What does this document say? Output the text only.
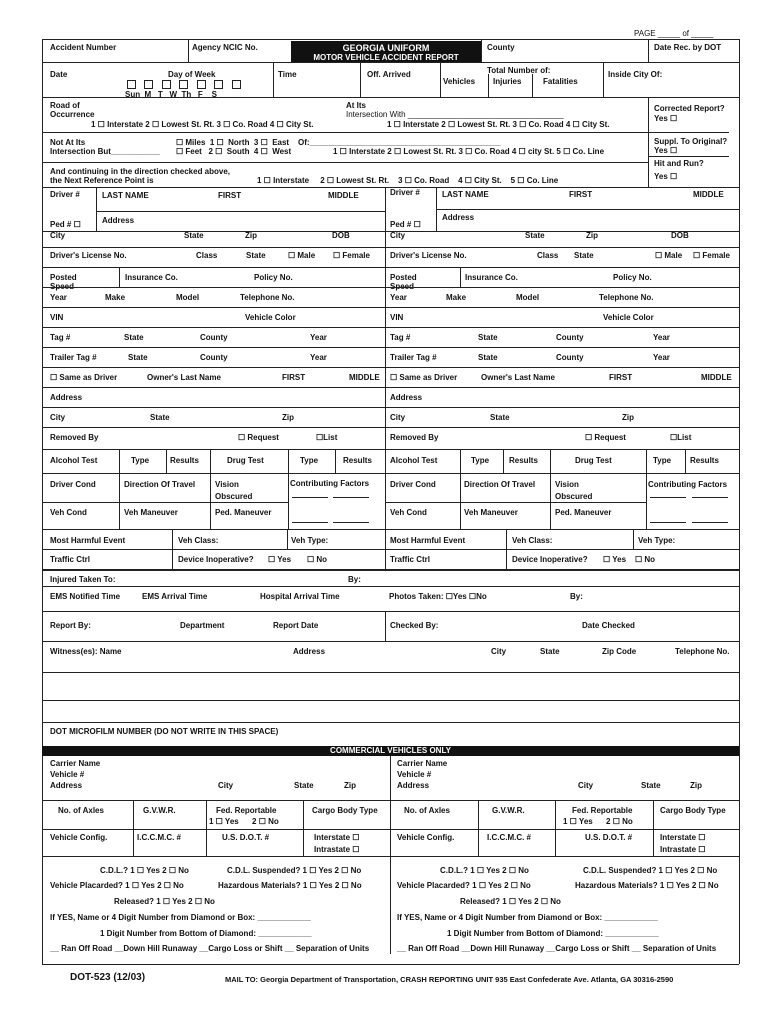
PAGE _____ of _____
GEORGIA UNIFORM
MOTOR VEHICLE ACCIDENT REPORT
Accident Number	Agency NCIC No.	County	Date Rec. by DOT
Date	Day of Week

Sun  M   T   W  Th   F    S
Time	Off. Arrived	Total Number of:
Vehicles Injuries	Fatalities
Inside City Of:
Road of
Occurrence
At Its
Intersection With ___________________________________
1 ☐ Interstate 2 ☐ Lowest St. Rt. 3 ☐ Co. Road 4 ☐ City St.	1 ☐ Interstate 2 ☐ Lowest St. Rt. 3 ☐ Co. Road 4 ☐ City St.
Corrected Report?
Yes ☐
Not At Its
Intersection But___________
☐ Miles  1 ☐  North  3 ☐  East    Of:___________________________________________
☐ Feet   2 ☐  South  4 ☐  West	1 ☐ Interstate 2 ☐ Lowest St. Rt. 3 ☐ Co. Road 4 ☐ city St. 5 ☐ Co. Line
Suppl. To Original?
Yes ☐
Hit and Run?
Yes ☐
And continuing in the direction checked above,
the Next Reference Point is	1 ☐ Interstate     2 ☐ Lowest St. Rt.    3 ☐ Co. Road    4 ☐ City St.    5 ☐ Co. Line
Driver #	LAST NAME	FIRST	MIDDLE
Address
Ped # ☐
City	State	Zip	DOB
Driver's License No.	Class	State	☐ Male ☐ Female
Posted
Speed
Insurance Co.	Policy No.
Year	Make	Model	Telephone No.
VIN	Vehicle Color
Tag #	State	County	Year
Trailer Tag #	State	County	Year
☐ Same as Driver	Owner's Last Name	FIRST	MIDDLE
Address
City	State	Zip
Removed By	☐ Request	☐List
Alcohol Test	Type	Results	Drug Test	Type	Results
Driver Cond	Direction Of Travel Vision
Obscured
Contributing Factors
Veh Cond	Veh Maneuver	Ped. Maneuver
Most Harmful Event	Veh Class:	Veh Type:
Traffic Ctrl	Device Inoperative? ☐ Yes ☐ No
Driver #	LAST NAME	FIRST	MIDDLE
Address
Ped # ☐
City	State	Zip	DOB
Driver's License No.	Class State	☐ Male ☐ Female
Posted
Speed
Insurance Co.	Policy No.
Year	Make	Model	Telephone No.
VIN	Vehicle Color
Tag #	State	County	Year
Trailer Tag #	State	County	Year
☐ Same as Driver	Owner's Last Name	FIRST	MIDDLE
Address
City	State	Zip
Removed By	☐ Request	☐List
Alcohol Test	Type Results	Drug Test	Type Results
Driver Cond	Direction Of Travel Vision
Obscured
Contributing Factors
Veh Cond	Veh Maneuver	Ped. Maneuver
Most Harmful Event	Veh Class:	Veh Type:
Traffic Ctrl	Device Inoperative? ☐ Yes ☐ No
Injured Taken To:	By:
EMS Notified Time	EMS Arrival Time	Hospital Arrival Time	Photos Taken: ☐Yes ☐No	By:
Report By:	Department	Report Date	Checked By:	Date Checked
Witness(es): Name	Address	City	State	Zip Code	Telephone No.
DOT MICROFILM NUMBER (DO NOT WRITE IN THIS SPACE)
COMMERCIAL VEHICLES ONLY
Carrier Name
Vehicle #
Address	City	State	Zip
No. of Axles	G.V.W.R.	Fed. Reportable
1 ☐ Yes      2 ☐ No
Cargo Body Type
Vehicle Config.	I.C.C.M.C. #	U.S. D.O.T. #	Interstate ☐
Intrastate ☐
C.D.L.? 1 ☐ Yes 2 ☐ No	C.D.L. Suspended? 1 ☐ Yes 2 ☐ No
Vehicle Placarded? 1 ☐ Yes 2 ☐ No	Hazardous Materials? 1 ☐ Yes 2 ☐ No
Released? 1 ☐ Yes 2 ☐ No
If YES, Name or 4 Digit Number from Diamond or Box: ____________
1 Digit Number from Bottom of Diamond: ____________
__ Ran Off Road __Down Hill Runaway __Cargo Loss or Shift __ Separation of Units
Carrier Name
Vehicle #
Address	City	State	Zip
No. of Axles	G.V.W.R.	Fed. Reportable
1 ☐ Yes      2 ☐ No
Cargo Body Type
Vehicle Config.	I.C.C.M.C. #	U.S. D.O.T. #	Interstate ☐
Intrastate ☐
C.D.L.? 1 ☐ Yes 2 ☐ No	C.D.L. Suspended? 1 ☐ Yes 2 ☐ No
Vehicle Placarded? 1 ☐ Yes 2 ☐ No	Hazardous Materials? 1 ☐ Yes 2 ☐ No
Released? 1 ☐ Yes 2 ☐ No
If YES, Name or 4 Digit Number from Diamond or Box: ____________
1 Digit Number from Bottom of Diamond: ____________
__ Ran Off Road __Down Hill Runaway __Cargo Loss or Shift __ Separation of Units
DOT-523 (12/03)	MAIL TO: Georgia Department of Transportation, CRASH REPORTING UNIT 935 East Confederate Ave. Atlanta, GA 30316-2590
